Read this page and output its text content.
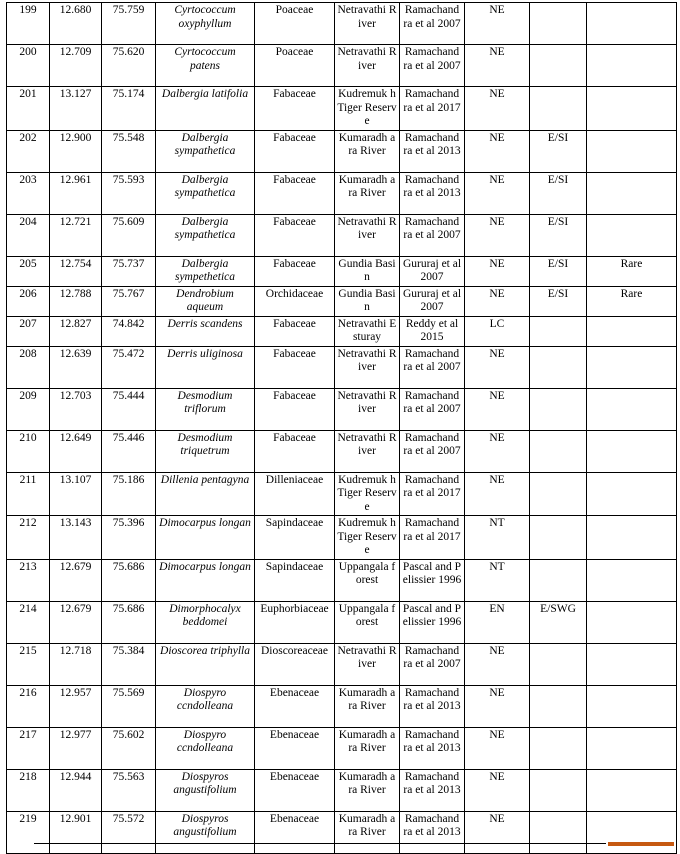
199	12.680	75.759	Cyrtococcum oxyphyllum	Poaceae	Netravathi River	Ramachand ra et al 2007	NE		
200	12.709	75.620	Cyrtococcum patens	Poaceae	Netravathi River	Ramachand ra et al 2007	NE		
201	13.127	75.174	Dalbergia latifolia	Fabaceae	Kudremuk h Tiger Reserve	Ramachand ra et al 2017	NE		
202	12.900	75.548	Dalbergia sympathetica	Fabaceae	Kumaradh ara River	Ramachand ra et al 2013	NE	E/SI	
203	12.961	75.593	Dalbergia sympathetica	Fabaceae	Kumaradh ara River	Ramachand ra et al 2013	NE	E/SI	
204	12.721	75.609	Dalbergia sympathetica	Fabaceae	Netravathi River	Ramachand ra et al 2007	NE	E/SI	
205	12.754	75.737	Dalbergia sympethetica	Fabaceae	Gundia Basin	Gururaj et al 2007	NE	E/SI	Rare
206	12.788	75.767	Dendrobium aqueum	Orchidaceae	Gundia Basin	Gururaj et al 2007	NE	E/SI	Rare
207	12.827	74.842	Derris scandens	Fabaceae	Netravathi Esturay	Reddy et al 2015	LC		
208	12.639	75.472	Derris uliginosa	Fabaceae	Netravathi River	Ramachand ra et al 2007	NE		
209	12.703	75.444	Desmodium triflorum	Fabaceae	Netravathi River	Ramachand ra et al 2007	NE		
210	12.649	75.446	Desmodium triquetrum	Fabaceae	Netravathi River	Ramachand ra et al 2007	NE		
211	13.107	75.186	Dillenia pentagyna	Dilleniaceae	Kudremuk h Tiger Reserve	Ramachand ra et al 2017	NE		
212	13.143	75.396	Dimocarpus longan	Sapindaceae	Kudremuk h Tiger Reserve	Ramachand ra et al 2017	NT		
213	12.679	75.686	Dimocarpus longan	Sapindaceae	Uppangala forest	Pascal and Pelissier 1996	NT		
214	12.679	75.686	Dimorphocalyx beddomei	Euphorbiaceae	Uppangala forest	Pascal and Pelissier 1996	EN	E/SWG	
215	12.718	75.384	Dioscorea triphylla	Dioscoreaceae	Netravathi River	Ramachand ra et al 2007	NE		
216	12.957	75.569	Diospyro ccndolleana	Ebenaceae	Kumaradh ara River	Ramachand ra et al 2013	NE		
217	12.977	75.602	Diospyro ccndolleana	Ebenaceae	Kumaradh ara River	Ramachand ra et al 2013	NE		
218	12.944	75.563	Diospyros angustifolium	Ebenaceae	Kumaradh ara River	Ramachand ra et al 2013	NE		
219	12.901	75.572	Diospyros angustifolium	Ebenaceae	Kumaradh ara River	Ramachand ra et al 2013	NE		
